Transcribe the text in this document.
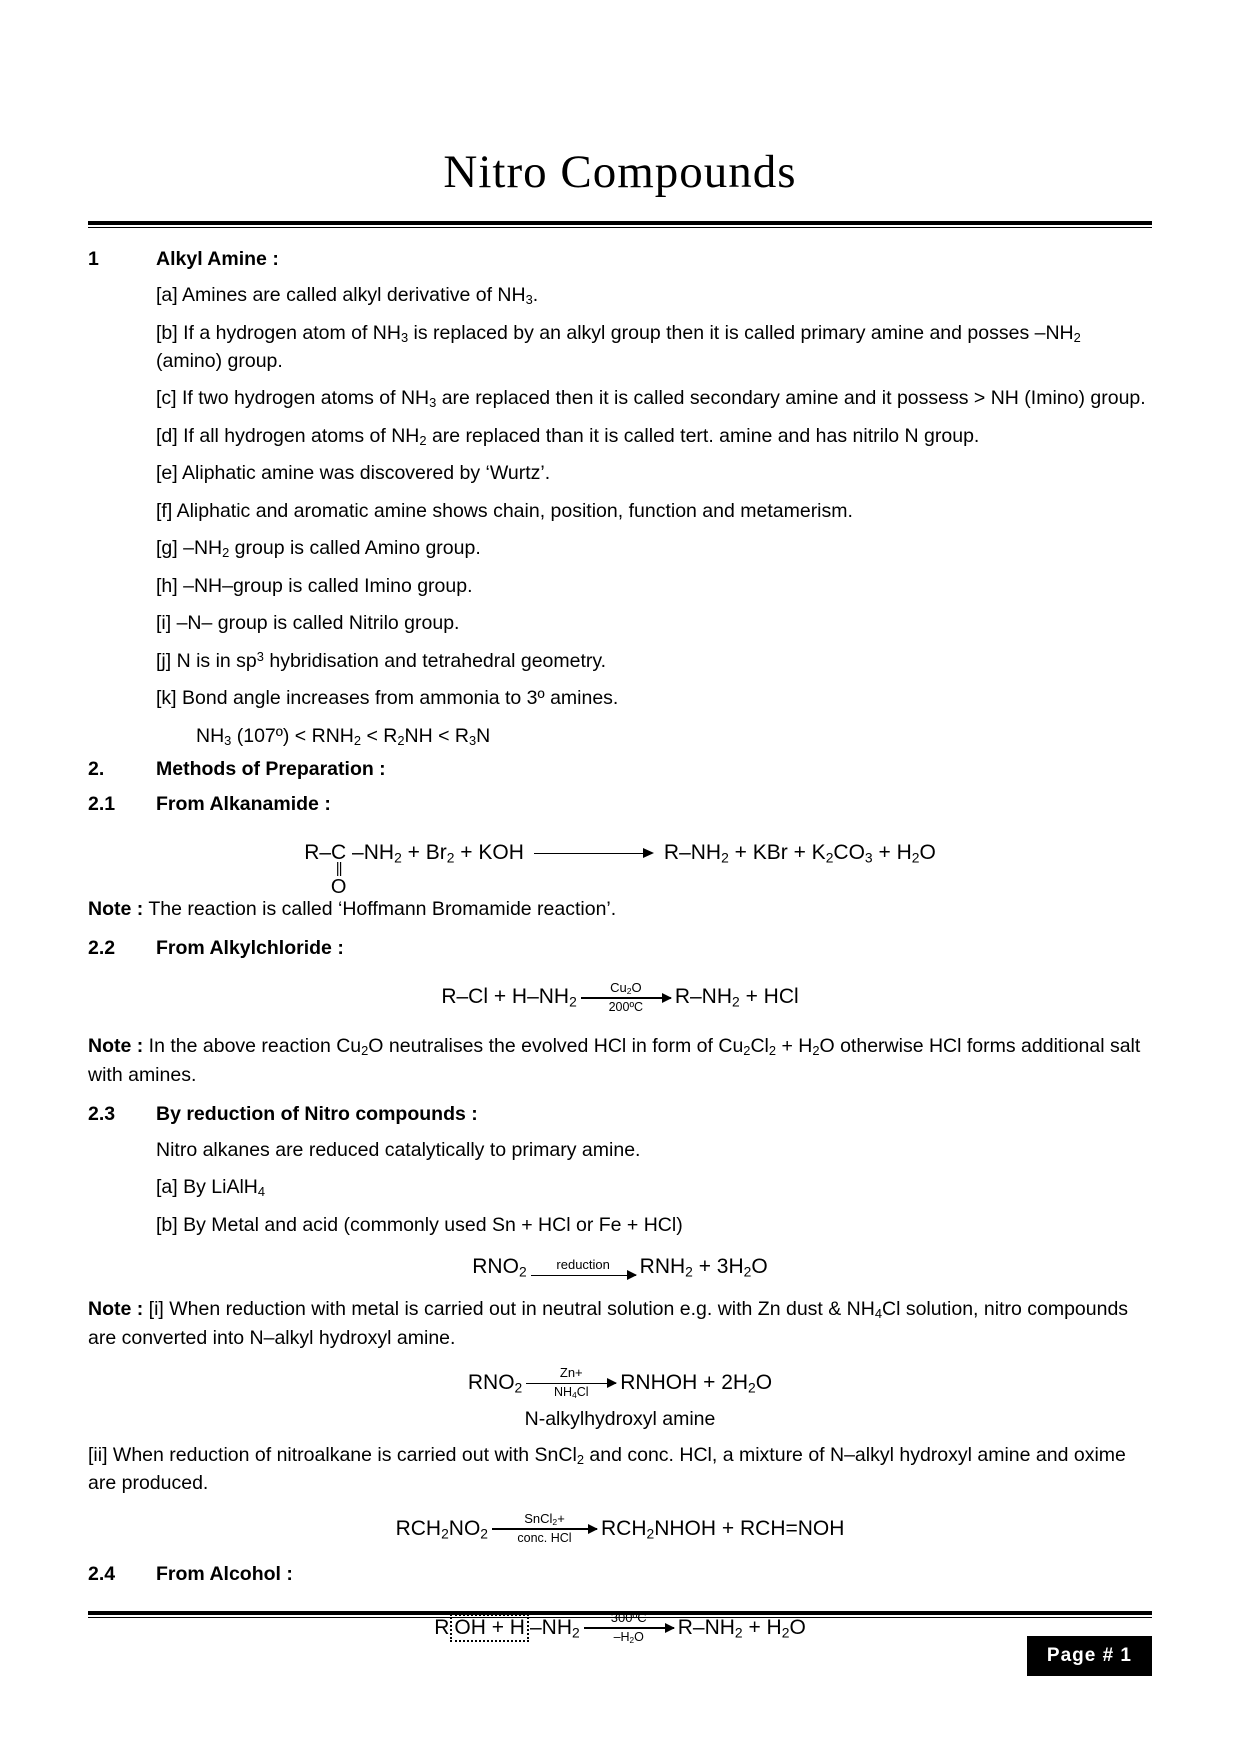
Nitro Compounds
1	Alkyl Amine :

[a] Amines are called alkyl derivative of $NH_3$.

[b] If a hydrogen atom of $NH_3$ is replaced by an alkyl group then it is called primary amine and posses $-NH_2$ (amino) group.

[c] If two hydrogen atoms of $NH_3$ are replaced then it is called secondary amine and it possess > NH (Imino) group.

[d] If all hydrogen atoms of $NH_2$ are replaced than it is called tert. amine and has nitrilo N group.

[e] Aliphatic amine was discovered by ‘Wurtz’.

[f] Aliphatic and aromatic amine shows chain, position, function and metamerism.

[g] $-NH_2$ group is called Amino group.

[h] –NH–group is called Imino group.

[i] –N– group is called Nitrilo group.

[j] N is in $sp^3$ hybridisation and tetrahedral geometry.

[k] Bond angle increases from ammonia to 3º amines.

$NH_3$ (107º) < $RNH_2 < R_2NH < R_3N$

2.	Methods of Preparation :
2.1	From Alkanamide :
R– C
||
O
$-NH_2 + Br_2$ + KOH	$R-NH_2$ + KBr + $K_2CO_3 + H_2O$

Note : The reaction is called ‘Hoffmann Bromamide reaction’.

2.2	From Alkylchloride :
$R-Cl + H-NH_2$
$Cu_2O$
200ºC	$R-NH_2$ + HCl

Note : In the above reaction $Cu_2O$ neutralises the evolved HCl in form of $Cu_2Cl_2 + H_2O$ otherwise HCl forms additional salt with amines.

2.3	By reduction of Nitro compounds :

Nitro alkanes are reduced catalytically to primary amine.

[a] By LiAlH$_4$

[b] By Metal and acid (commonly used Sn + HCl or Fe + HCl)

$RNO_2$	reduction	$RNH_2 + 3H_2O$

Note : [i] When reduction with metal is carried out in neutral solution e.g. with Zn dust & $NH_4Cl$ solution, nitro compounds are converted into N–alkyl hydroxyl amine.

$RNO_2$
Zn+
$NH_4Cl$	RNHOH + $2H_2O$

N-alkylhydroxyl amine

[ii] When reduction of nitroalkane is carried out with SnCl$_2$ and conc. HCl, a mixture of N–alkyl hydroxyl amine and oxime are produced.

$RCH_2NO_2$
SnCl$_2$+
conc. HCl	$RCH_2NHOH + RCH=NOH$
2.4	From Alcohol :
R OH + H $-NH_2$
300ºC
$-H_2O$	$R-NH_2 + H_2O$
Page # 1
